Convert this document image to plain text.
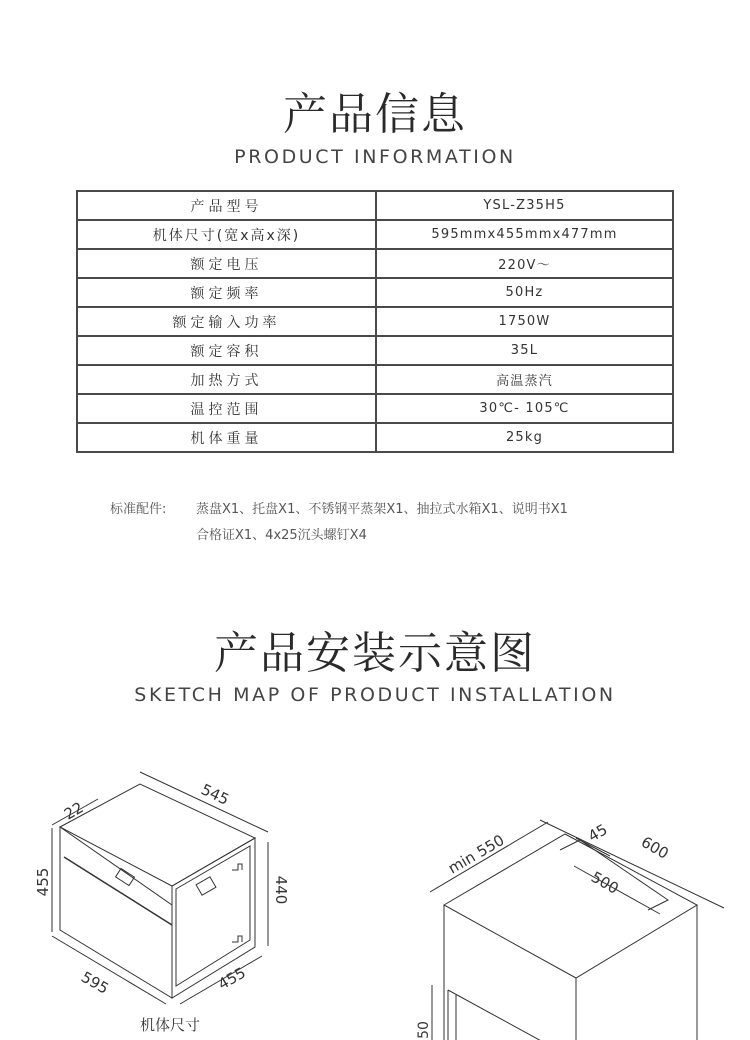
产品信息
PRODUCT INFORMATION
产品型号	YSL-Z35H5
机体尺寸(宽x高x深)	595mmx455mmx477mm
额定电压	220V～
额定频率	50Hz
额定输入功率	1750W
额定容积	35L
加热方式	高温蒸汽
温控范围	30℃- 105℃
机体重量	25kg
标准配件: 蒸盘X1、托盘X1、不锈钢平蒸架X1、抽拉式水箱X1、说明书X1
合格证X1、4x25沉头螺钉X4
产品安装示意图
SKETCH MAP OF PRODUCT INSTALLATION
22
545
455	440
595	455
min 550	45 600
500
50
机体尺寸
